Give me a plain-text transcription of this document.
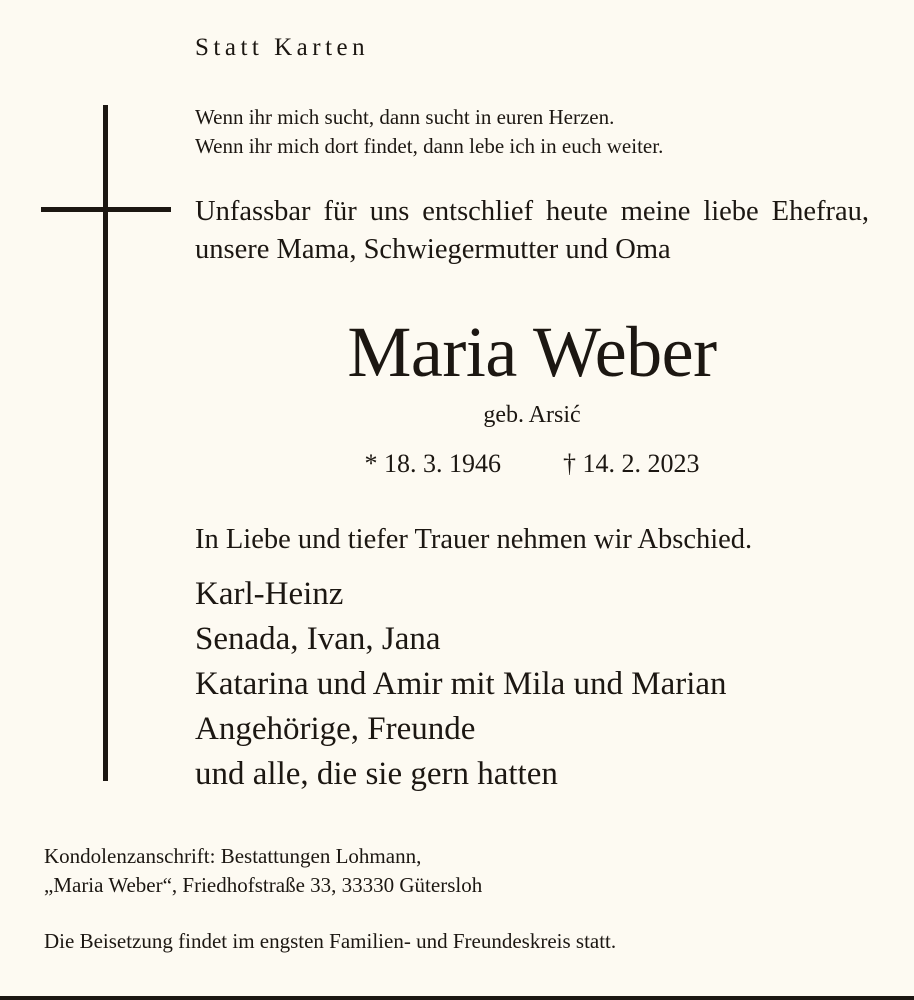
Statt Karten
Wenn ihr mich sucht, dann sucht in euren Herzen.
Wenn ihr mich dort findet, dann lebe ich in euch weiter.
Unfassbar für uns entschlief heute meine liebe Ehefrau, unsere Mama, Schwiegermutter und Oma
Maria Weber
geb. Arsić
* 18. 3. 1946 † 14. 2. 2023
In Liebe und tiefer Trauer nehmen wir Abschied.
Karl-Heinz
Senada, Ivan, Jana
Katarina und Amir mit Mila und Marian
Angehörige, Freunde
und alle, die sie gern hatten
Kondolenzanschrift: Bestattungen Lohmann,
„Maria Weber“, Friedhofstraße 33, 33330 Gütersloh
Die Beisetzung findet im engsten Familien- und Freundeskreis statt.
